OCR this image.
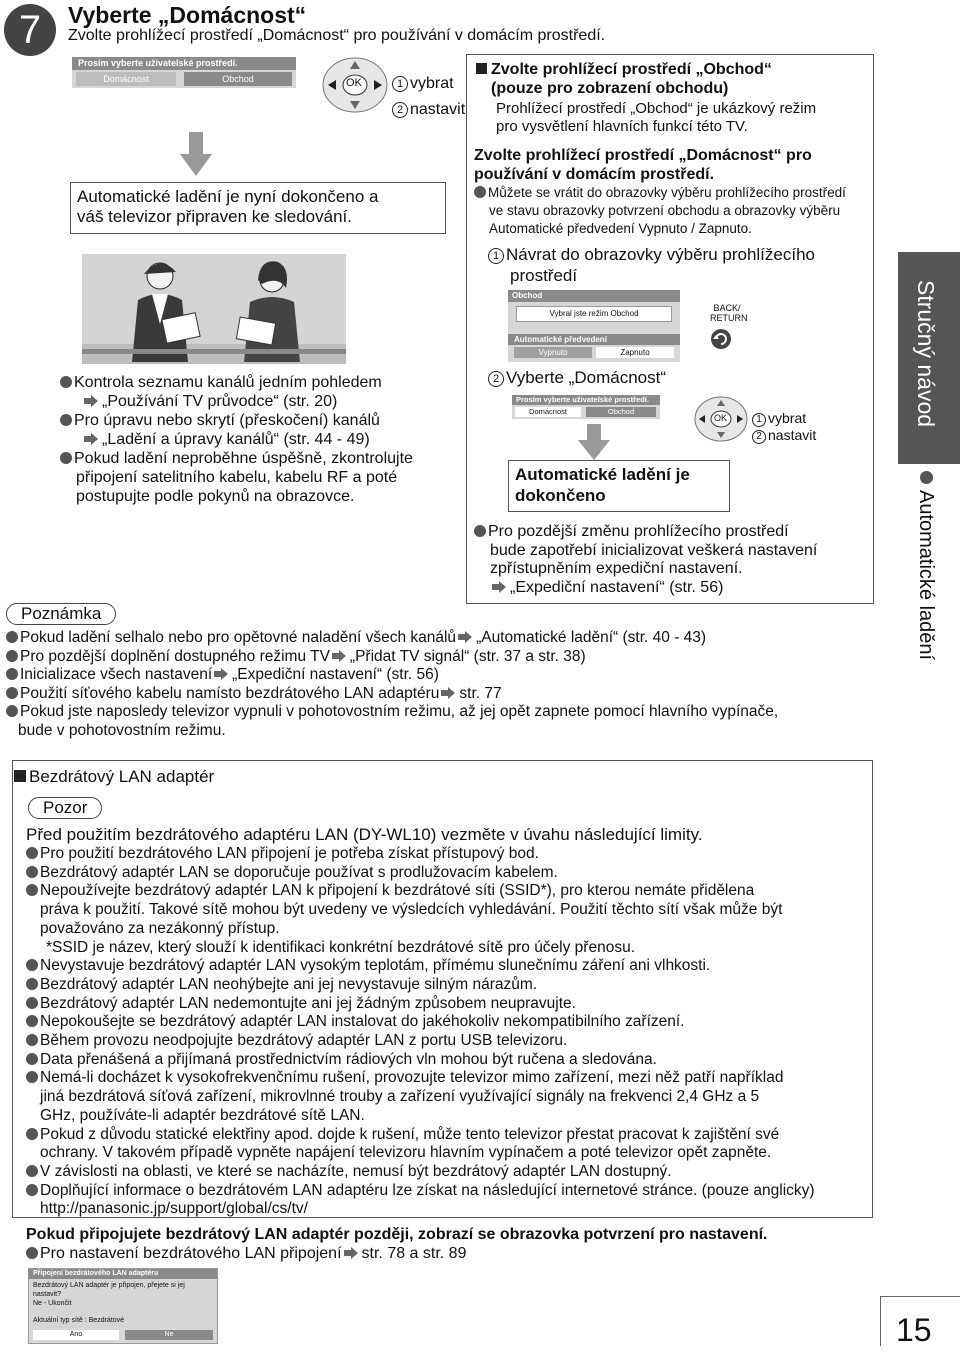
7	Vyberte „Domácnost“
Zvolte prohlížecí prostředí „Domácnost“ pro používání v domácím prostředí.
Prosím vyberte uživatelské prostředí.
Domácnost	Obchod	OK	1 vybrat
2 nastavit
Automatické ladění je nyní dokončeno a
váš televizor připraven ke sledování.
Kontrola seznamu kanálů jedním pohledem
„Používání TV průvodce“ (str. 20)
Pro úpravu nebo skrytí (přeskočení) kanálů
„Ladění a úpravy kanálů“ (str. 44 - 49)
Pokud ladění neproběhne úspěšně, zkontrolujte
připojení satelitního kabelu, kabelu RF a poté
postupujte podle pokynů na obrazovce.
Zvolte prohlížecí prostředí „Obchod“
(pouze pro zobrazení obchodu)
Prohlížecí prostředí „Obchod“ je ukázkový režim
pro vysvětlení hlavních funkcí této TV.
Zvolte prohlížecí prostředí „Domácnost“ pro
používání v domácím prostředí.
Můžete se vrátit do obrazovky výběru prohlížecího prostředí
ve stavu obrazovky potvrzení obchodu a obrazovky výběru
Automatické předvedení Vypnuto / Zapnuto.
1 Návrat do obrazovky výběru prohlížecího
prostředí
Obchod
Vybral jste režim Obchod
Automatické předvedení
Vypnuto	Zapnuto
BACK/
RETURN
2 Vyberte „Domácnost“
Prosím vyberte uživatelské prostředí.
Domácnost	Obchod
OK	1 vybrat
2 nastavit
Automatické ladění je
dokončeno
Pro pozdější změnu prohlížecího prostředí
bude zapotřebí inicializovat veškerá nastavení
zpřístupněním expediční nastavení.
„Expediční nastavení“ (str. 56)
Stručný návod
Automatické ladění
Poznámka
Pokud ladění selhalo nebo pro opětovné naladění všech kanálů „Automatické ladění“ (str. 40 - 43)
Pro pozdější doplnění dostupného režimu TV „Přidat TV signál“ (str. 37 a str. 38)
Inicializace všech nastavení „Expediční nastavení“ (str. 56)
Použití síťového kabelu namísto bezdrátového LAN adaptéru str. 77
Pokud jste naposledy televizor vypnuli v pohotovostním režimu, až jej opět zapnete pomocí hlavního vypínače,
bude v pohotovostním režimu.
Bezdrátový LAN adaptér
Pozor
Před použitím bezdrátového adaptéru LAN (DY-WL10) vezměte v úvahu následující limity.
Pro použití bezdrátového LAN připojení je potřeba získat přístupový bod.
Bezdrátový adaptér LAN se doporučuje používat s prodlužovacím kabelem.
Nepoužívejte bezdrátový adaptér LAN k připojení k bezdrátové síti (SSID*), pro kterou nemáte přidělena
práva k použití. Takové sítě mohou být uvedeny ve výsledcích vyhledávání. Použití těchto sítí však může být
považováno za nezákonný přístup.
*SSID je název, který slouží k identifikaci konkrétní bezdrátové sítě pro účely přenosu.
Nevystavuje bezdrátový adaptér LAN vysokým teplotám, přímému slunečnímu záření ani vlhkosti.
Bezdrátový adaptér LAN neohýbejte ani jej nevystavuje silným nárazům.
Bezdrátový adaptér LAN nedemontujte ani jej žádným způsobem neupravujte.
Nepokoušejte se bezdrátový adaptér LAN instalovat do jakéhokoliv nekompatibilního zařízení.
Během provozu neodpojujte bezdrátový adaptér LAN z portu USB televizoru.
Data přenášená a přijímaná prostřednictvím rádiových vln mohou být ručena a sledována.
Nemá-li docházet k vysokofrekvenčnímu rušení, provozujte televizor mimo zařízení, mezi něž patří například
jiná bezdrátová síťová zařízení, mikrovlnné trouby a zařízení využívající signály na frekvenci 2,4 GHz a 5
GHz, používáte-li adaptér bezdrátové sítě LAN.
Pokud z důvodu statické elektřiny apod. dojde k rušení, může tento televizor přestat pracovat k zajištění své
ochrany. V takovém případě vypněte napájení televizoru hlavním vypínačem a poté televizor opět zapněte.
V závislosti na oblasti, ve které se nacházíte, nemusí být bezdrátový adaptér LAN dostupný.
Doplňující informace o bezdrátovém LAN adaptéru lze získat na následující internetové stránce. (pouze anglicky)
http://panasonic.jp/support/global/cs/tv/
Pokud připojujete bezdrátový LAN adaptér později, zobrazí se obrazovka potvrzení pro nastavení.
Pro nastavení bezdrátového LAN připojení str. 78 a str. 89
Připojení bezdrátového LAN adaptéru
Bezdrátový LAN adaptér je připojen, přejete si jej
nastavit?
Ne - Ukončit
Aktuální typ sítě : Bezdrátové
Ano	Ne	15
